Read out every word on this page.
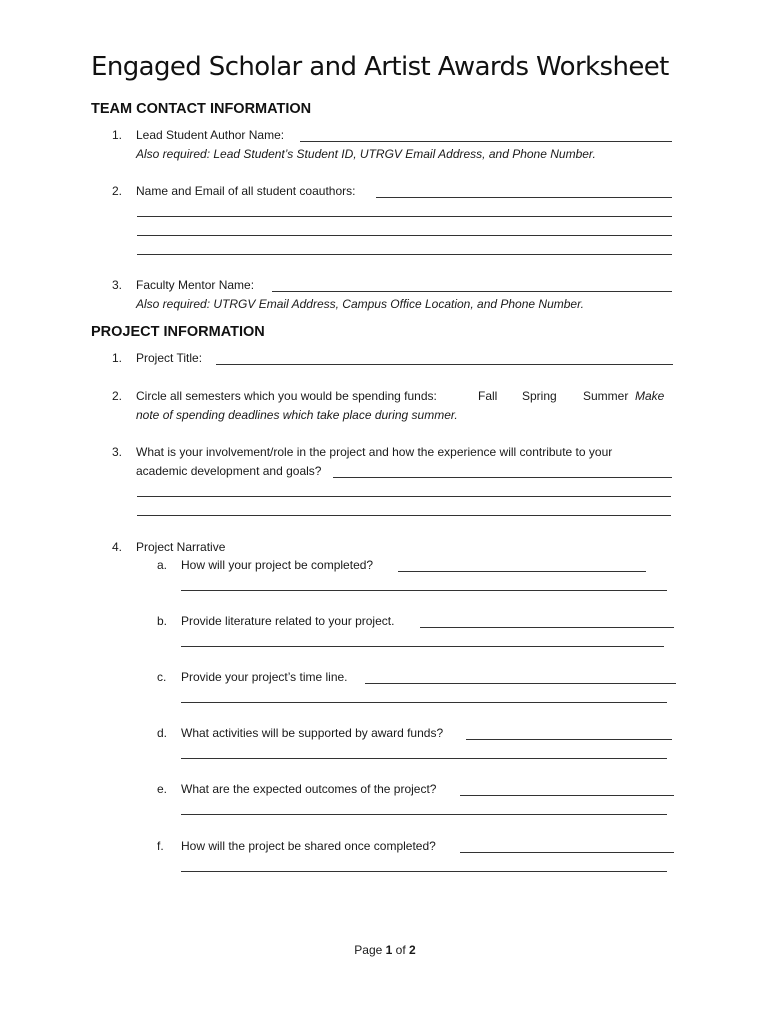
Engaged Scholar and Artist Awards Worksheet
TEAM CONTACT INFORMATION
1. Lead Student Author Name:
Also required: Lead Student’s Student ID, UTRGV Email Address, and Phone Number.
2. Name and Email of all student coauthors:
3. Faculty Mentor Name:
Also required: UTRGV Email Address, Campus Office Location, and Phone Number.
PROJECT INFORMATION
1. Project Title:
2. Circle all semesters which you would be spending funds:	Fall Spring Summer Make
note of spending deadlines which take place during summer.
3. What is your involvement/role in the project and how the experience will contribute to your
academic development and goals?
4. Project Narrative
a. How will your project be completed?
b. Provide literature related to your project.
c. Provide your project’s time line.
d. What activities will be supported by award funds?
e. What are the expected outcomes of the project?
f. How will the project be shared once completed?
Page 1 of 2
